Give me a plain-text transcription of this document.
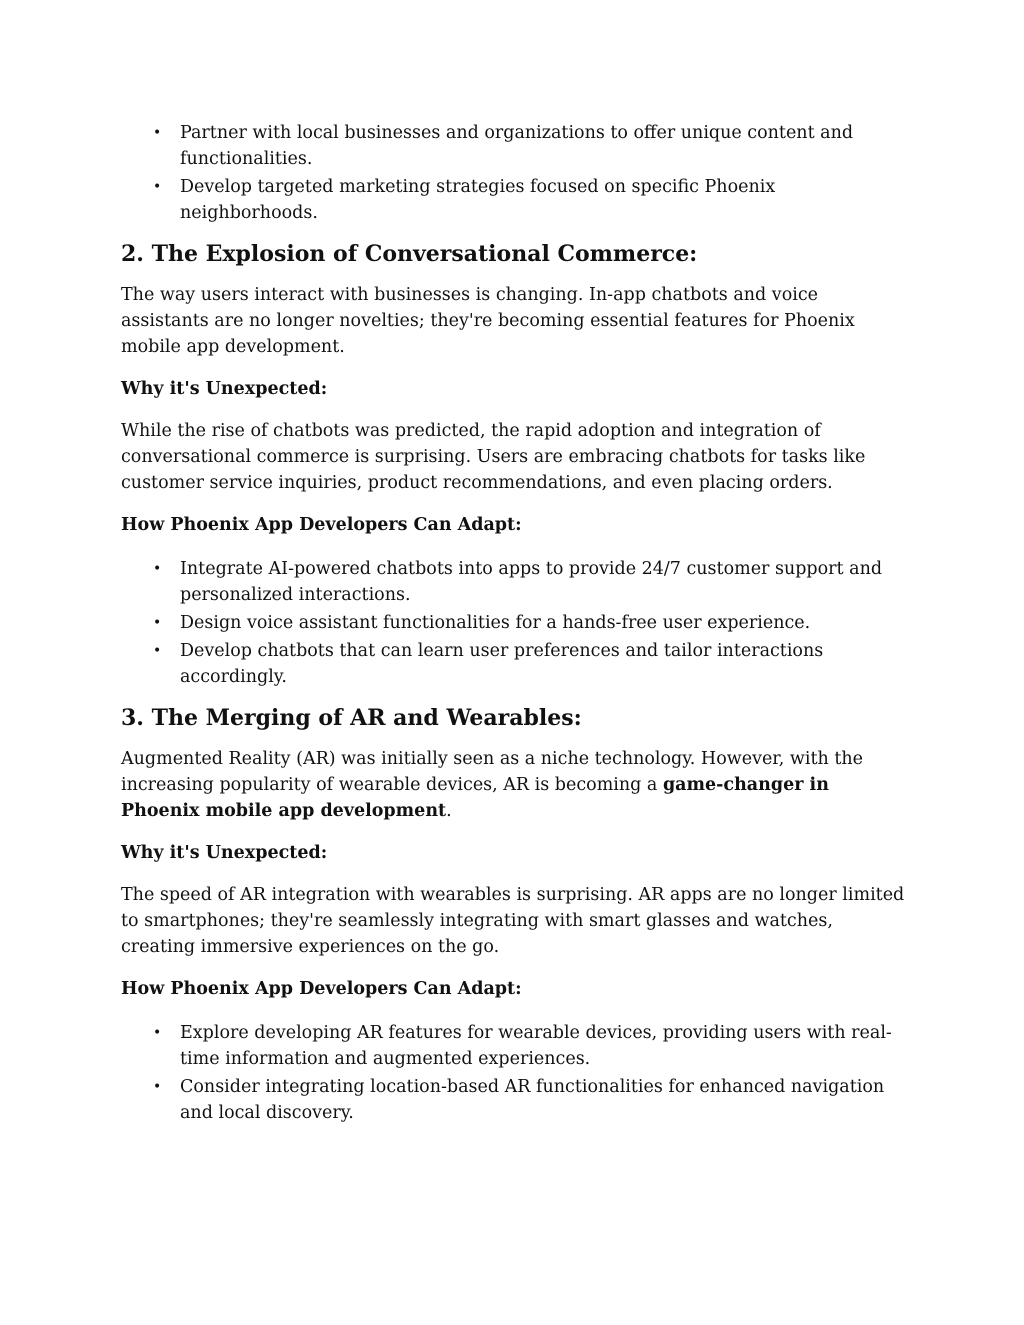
• Partner with local businesses and organizations to offer unique content and functionalities.
• Develop targeted marketing strategies focused on specific Phoenix neighborhoods.
2. The Explosion of Conversational Commerce:

The way users interact with businesses is changing. In-app chatbots and voice assistants are no longer novelties; they're becoming essential features for Phoenix mobile app development.

Why it's Unexpected:

While the rise of chatbots was predicted, the rapid adoption and integration of conversational commerce is surprising. Users are embracing chatbots for tasks like customer service inquiries, product recommendations, and even placing orders.

How Phoenix App Developers Can Adapt:

• Integrate AI-powered chatbots into apps to provide 24/7 customer support and personalized interactions.
• Design voice assistant functionalities for a hands-free user experience.
• Develop chatbots that can learn user preferences and tailor interactions accordingly.
3. The Merging of AR and Wearables:

Augmented Reality (AR) was initially seen as a niche technology. However, with the increasing popularity of wearable devices, AR is becoming a game-changer in Phoenix mobile app development.

Why it's Unexpected:

The speed of AR integration with wearables is surprising. AR apps are no longer limited to smartphones; they're seamlessly integrating with smart glasses and watches, creating immersive experiences on the go.

How Phoenix App Developers Can Adapt:

• Explore developing AR features for wearable devices, providing users with real-time information and augmented experiences.
• Consider integrating location-based AR functionalities for enhanced navigation and local discovery.
